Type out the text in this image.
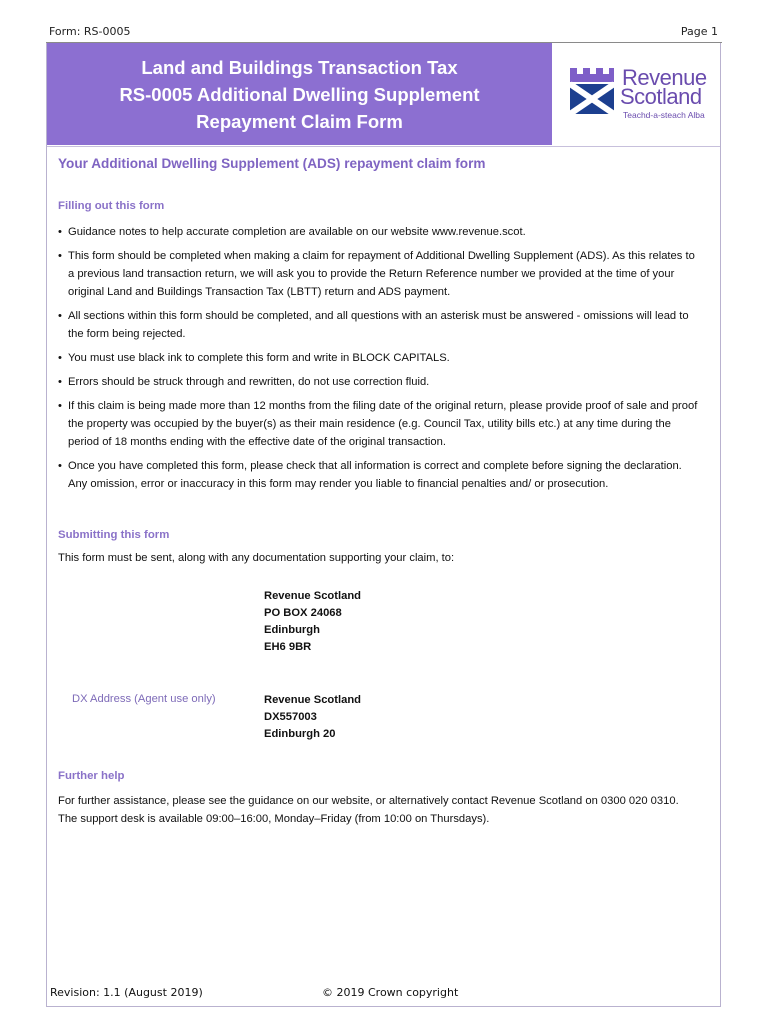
Form: RS-0005	Page 1
Land and Buildings Transaction Tax
RS-0005 Additional Dwelling Supplement
Repayment Claim Form
Revenue
Scotland
Teachd-a-steach Alba
Your Additional Dwelling Supplement (ADS) repayment claim form
Filling out this form
• Guidance notes to help accurate completion are available on our website www.revenue.scot.
• This form should be completed when making a claim for repayment of Additional Dwelling Supplement (ADS). As this relates to a previous land transaction return, we will ask you to provide the Return Reference number we provided at the time of your original Land and Buildings Transaction Tax (LBTT) return and ADS payment.
• All sections within this form should be completed, and all questions with an asterisk must be answered - omissions will lead to the form being rejected.
• You must use black ink to complete this form and write in BLOCK CAPITALS.
• Errors should be struck through and rewritten, do not use correction fluid.
• If this claim is being made more than 12 months from the filing date of the original return, please provide proof of sale and proof the property was occupied by the buyer(s) as their main residence (e.g. Council Tax, utility bills etc.) at any time during the period of 18 months ending with the effective date of the original transaction.
• Once you have completed this form, please check that all information is correct and complete before signing the declaration. Any omission, error or inaccuracy in this form may render you liable to financial penalties and/ or prosecution.
Submitting this form
This form must be sent, along with any documentation supporting your claim, to:
Revenue Scotland
PO BOX 24068
Edinburgh
EH6 9BR
DX Address (Agent use only)	Revenue Scotland
DX557003
Edinburgh 20
Further help
For further assistance, please see the guidance on our website, or alternatively contact Revenue Scotland on 0300 020 0310. The support desk is available 09:00–16:00, Monday–Friday (from 10:00 on Thursdays).
Revision: 1.1 (August 2019)	© 2019 Crown copyright
